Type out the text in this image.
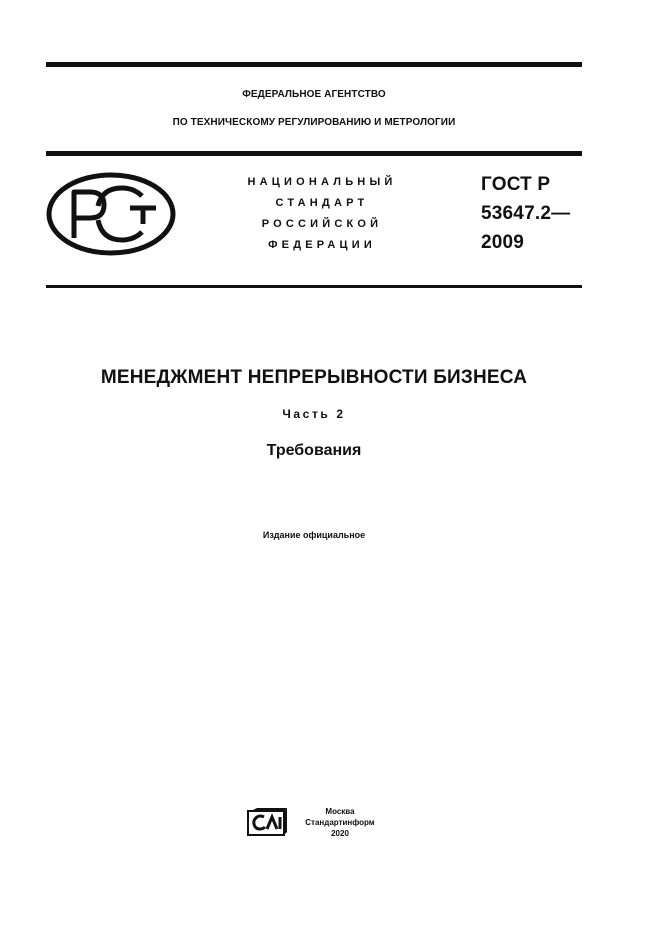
ФЕДЕРАЛЬНОЕ АГЕНТСТВО
ПО ТЕХНИЧЕСКОМУ РЕГУЛИРОВАНИЮ И МЕТРОЛОГИИ
НАЦИОНАЛЬНЫЙ
СТАНДАРТ
РОССИЙСКОЙ
ФЕДЕРАЦИИ
ГОСТ Р
53647.2—
2009
МЕНЕДЖМЕНТ НЕПРЕРЫВНОСТИ БИЗНЕСА
Часть 2
Требования
Издание официальное
Москва
Стандартинформ
2020
